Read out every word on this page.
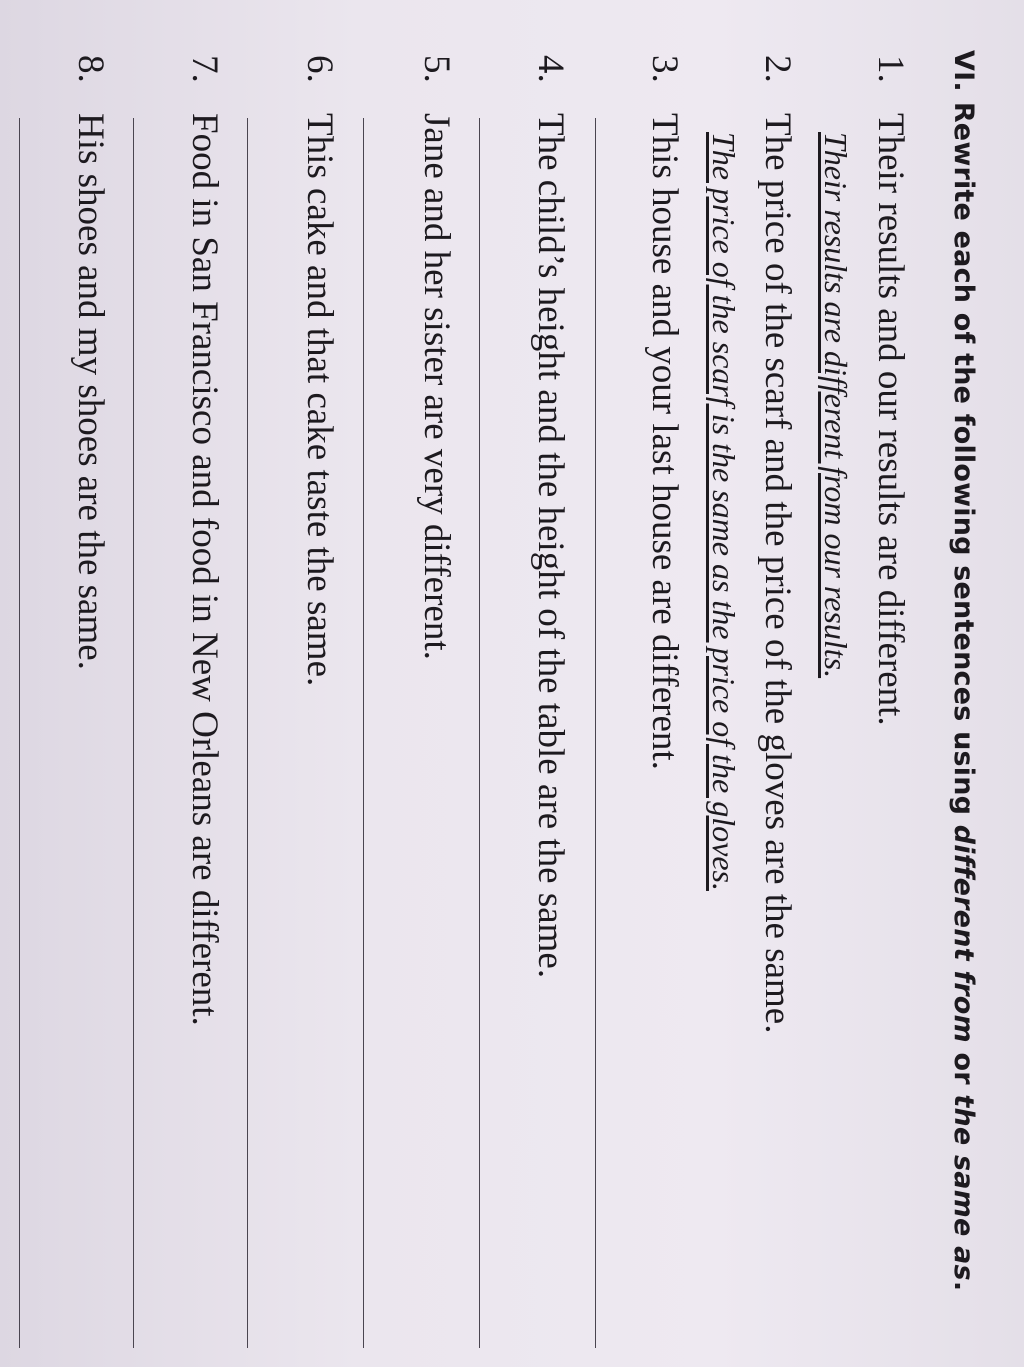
VI.Rewrite each of the following sentences using different from or the same as.
1.Their results and our results are different.
Their results are different from our results.
2.The price of the scarf and the price of the gloves are the same.
The price of the scarf is the same as the price of the gloves.
3.This house and your last house are different.
4.The child’s height and the height of the table are the same.
5.Jane and her sister are very different.
6.This cake and that cake taste the same.
7.Food in San Francisco and food in New Orleans are different.
8.His shoes and my shoes are the same.
